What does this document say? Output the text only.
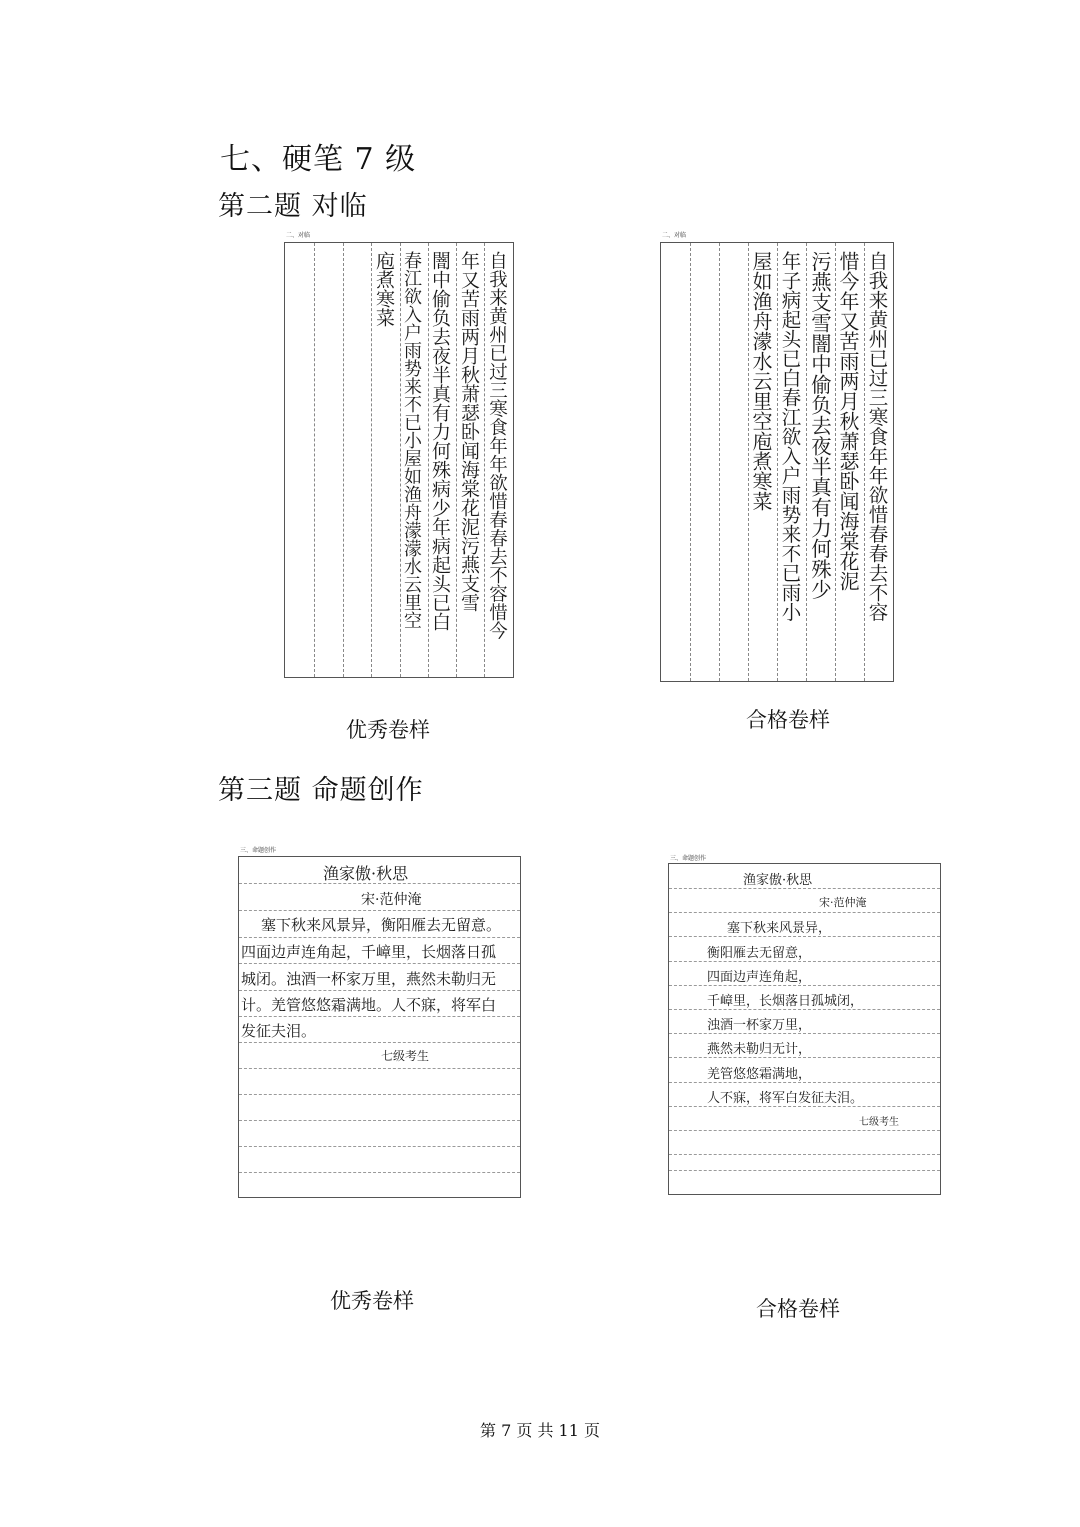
七、硬笔 7 级
第二题 对临
二、对临
自我来黄州已过三寒食年年欲惜春春去不容惜今
年又苦雨两月秋萧瑟卧闻海棠花泥污燕支雪
闇中偷负去夜半真有力何殊病少年病起头已白
春江欲入户雨势来不已小屋如渔舟濛濛水云里空
庖煮寒菜
二、对临
自我来黄州已过三寒食年年欲惜春春去不容
惜今年又苦雨两月秋萧瑟卧闻海棠花泥
污燕支雪闇中偷负去夜半真有力何殊少
年子病起头已白春江欲入户雨势来不已雨小
屋如渔舟濛水云里空庖煮寒菜
优秀卷样	合格卷样
第三题 命题创作
三、命题创作
渔家傲·秋思
宋·范仲淹
塞下秋来风景异，衡阳雁去无留意。
四面边声连角起，千嶂里，长烟落日孤
城闭。浊酒一杯家万里，燕然未勒归无
计。羌管悠悠霜满地。人不寐，将军白
发征夫泪。
七级考生
三、命题创作
渔家傲·秋思
宋·范仲淹
塞下秋来风景异，
衡阳雁去无留意，
四面边声连角起，
千嶂里，长烟落日孤城闭，
浊酒一杯家万里，
燕然未勒归无计，
羌管悠悠霜满地，
人不寐，将军白发征夫泪。
七级考生
优秀卷样	合格卷样
第 7 页 共 11 页
